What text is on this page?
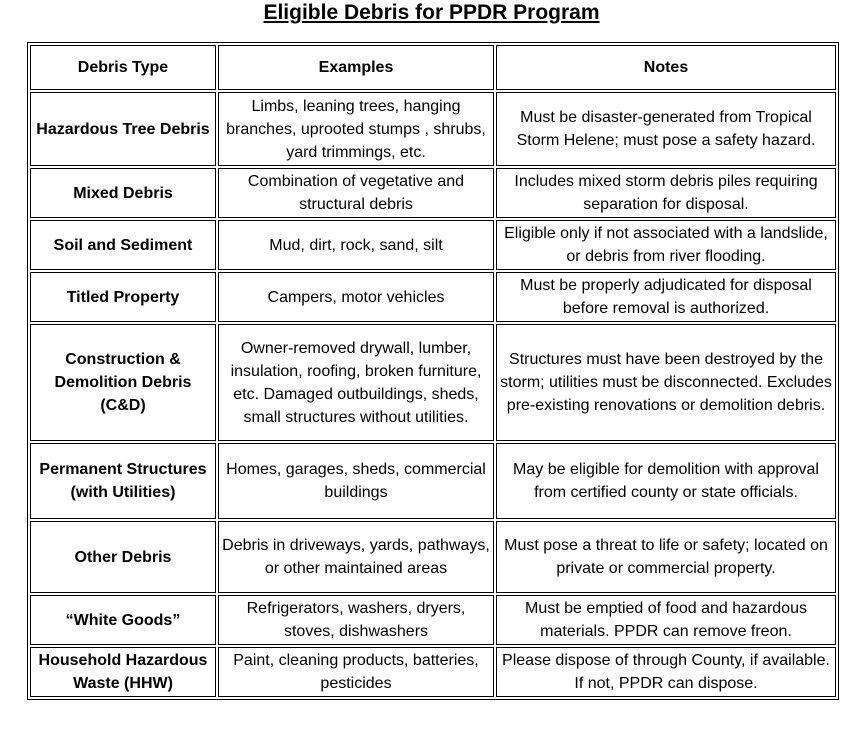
Eligible Debris for PPDR Program
Debris Type	Examples	Notes
Hazardous Tree Debris	Limbs, leaning trees, hanging branches, uprooted stumps , shrubs, yard trimmings, etc.	Must be disaster-generated from Tropical Storm Helene; must pose a safety hazard.
Mixed Debris	Combination of vegetative and structural debris	Includes mixed storm debris piles requiring separation for disposal.
Soil and Sediment	Mud, dirt, rock, sand, silt	Eligible only if not associated with a landslide, or debris from river flooding.
Titled Property	Campers, motor vehicles	Must be properly adjudicated for disposal before removal is authorized.
Construction & Demolition Debris (C&D)	Owner-removed drywall, lumber, insulation, roofing, broken furniture, etc. Damaged outbuildings, sheds, small structures without utilities.	Structures must have been destroyed by the storm; utilities must be disconnected. Excludes pre-existing renovations or demolition debris.
Permanent Structures (with Utilities)	Homes, garages, sheds, commercial buildings	May be eligible for demolition with approval from certified county or state officials.
Other Debris	Debris in driveways, yards, pathways, or other maintained areas	Must pose a threat to life or safety; located on private or commercial property.
“White Goods”	Refrigerators, washers, dryers, stoves, dishwashers	Must be emptied of food and hazardous materials. PPDR can remove freon.
Household Hazardous Waste (HHW)	Paint, cleaning products, batteries, pesticides	Please dispose of through County, if available. If not, PPDR can dispose.
